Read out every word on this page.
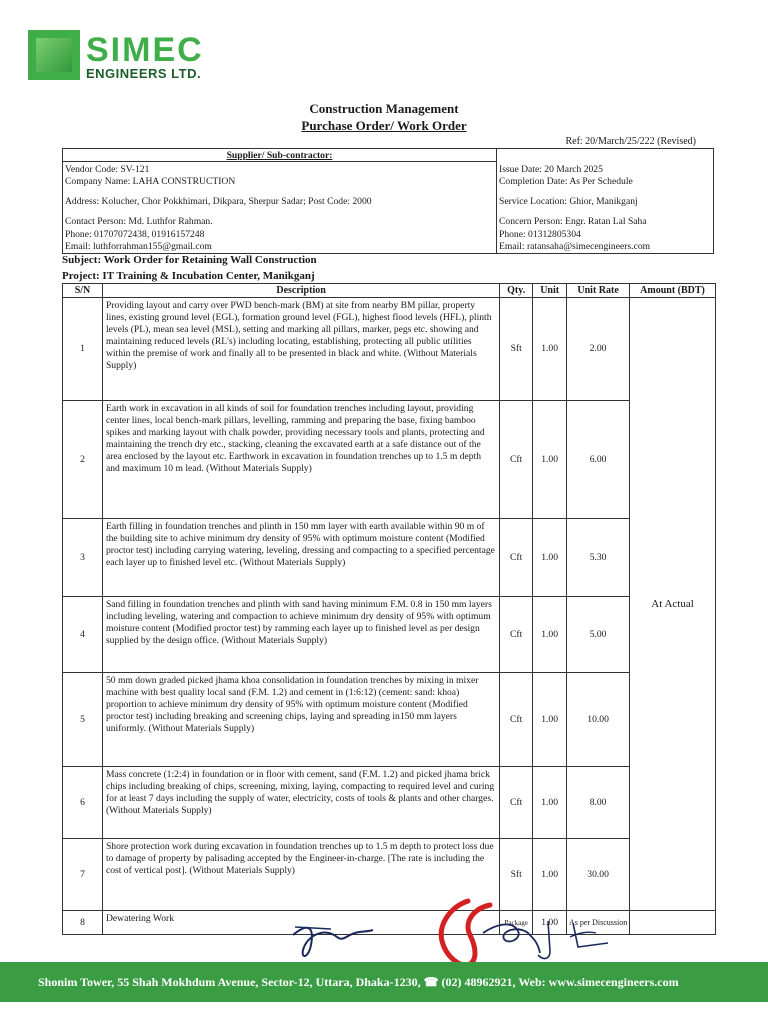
SIMEC
ENGINEERS LTD.
Construction Management
Purchase Order/ Work Order
Ref: 20/March/25/222 (Revised)
Supplier/ Sub-contractor:
Vendor Code: SV-121
Company Name: LAHA CONSTRUCTION
Address: Kolucher, Chor Pokkhimari, Dikpara, Sherpur Sadar; Post Code: 2000
Contact Person: Md. Luthfor Rahman.
Phone: 01707072438, 01916157248
Email: luthforrahman155@gmail.com
Issue Date: 20 March 2025
Completion Date: As Per Schedule
Service Location: Ghior, Manikganj
Concern Person: Engr. Ratan Lal Saha
Phone: 01312805304
Email: ratansaha@simecengineers.com
Subject: Work Order for Retaining Wall Construction
Project: IT Training & Incubation Center, Manikganj
S/N	Description	Qty.	Unit	Unit Rate	Amount (BDT)
1	Providing layout and carry over PWD bench-mark (BM) at site from nearby BM pillar, property lines, existing ground level (EGL), formation ground level (FGL), highest flood levels (HFL), plinth levels (PL), mean sea level (MSL), setting and marking all pillars, marker, pegs etc. showing and maintaining reduced levels (RL's) including locating, establishing, protecting all public utilities within the premise of work and finally all to be presented in black and white. (Without Materials Supply)	Sft	1.00	2.00	At Actual
2	Earth work in excavation in all kinds of soil for foundation trenches including layout, providing center lines, local bench-mark pillars, levelling, ramming and preparing the base, fixing bamboo spikes and marking layout with chalk powder, providing necessary tools and plants, protecting and maintaining the trench dry etc., stacking, cleaning the excavated earth at a safe distance out of the area enclosed by the layout etc. Earthwork in excavation in foundation trenches up to 1.5 m depth and maximum 10 m lead. (Without Materials Supply)	Cft	1.00	6.00	
3	Earth filling in foundation trenches and plinth in 150 mm layer with earth available within 90 m of the building site to achive minimum dry density of 95% with optimum moisture content (Modified proctor test) including carrying watering, leveling, dressing and compacting to a specified percentage each layer up to finished level etc. (Without Materials Supply)	Cft	1.00	5.30	
4	Sand filling in foundation trenches and plinth with sand having minimum F.M. 0.8 in 150 mm layers including leveling, watering and compaction to achieve minimum dry density of 95% with optimum moisture content (Modified proctor test) by ramming each layer up to finished level as per design supplied by the design office. (Without Materials Supply)	Cft	1.00	5.00	
5	50 mm down graded picked jhama khoa consolidation in foundation trenches by mixing in mixer machine with best quality local sand (F.M. 1.2) and cement in (1:6:12) (cement: sand: khoa) proportion to achieve minimum dry density of 95% with optimum moisture content (Modified proctor test) including breaking and screening chips, laying and spreading in150 mm layers uniformly. (Without Materials Supply)	Cft	1.00	10.00	
6	Mass concrete (1:2:4) in foundation or in floor with cement, sand (F.M. 1.2) and picked jhama brick chips including breaking of chips, screening, mixing, laying, compacting to required level and curing for at least 7 days including the supply of water, electricity, costs of tools & plants and other charges. (Without Materials Supply)	Cft	1.00	8.00	
7	Shore protection work during excavation in foundation trenches up to 1.5 m depth to protect loss due to damage of property by palisading accepted by the Engineer-in-charge. [The rate is including the cost of vertical post]. (Without Materials Supply)	Sft	1.00	30.00	
8	Dewatering Work	Package	1.00	As per Discussion	
Shonim Tower, 55 Shah Mokhdum Avenue, Sector-12, Uttara, Dhaka-1230, ☎ (02) 48962921, Web: www.simecengineers.com
